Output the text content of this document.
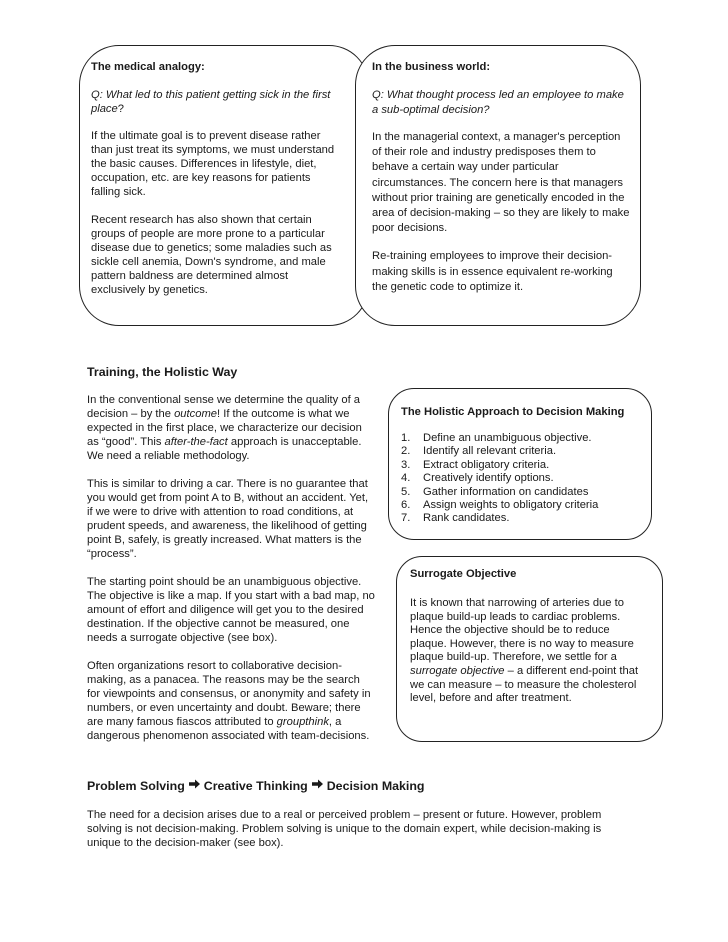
The medical analogy:

Q: What led to this patient getting sick in the first place?

If the ultimate goal is to prevent disease rather than just treat its symptoms, we must understand the basic causes. Differences in lifestyle, diet, occupation, etc. are key reasons for patients falling sick.

Recent research has also shown that certain groups of people are more prone to a particular disease due to genetics; some maladies such as sickle cell anemia, Down's syndrome, and male pattern baldness are determined almost exclusively by genetics.

In the business world:

Q: What thought process led an employee to make a sub-optimal decision?

In the managerial context, a manager's perception of their role and industry predisposes them to behave a certain way under particular circumstances. The concern here is that managers without prior training are genetically encoded in the area of decision-making – so they are likely to make poor decisions.

Re-training employees to improve their decision-making skills is in essence equivalent re-working the genetic code to optimize it.

Training, the Holistic Way

In the conventional sense we determine the quality of a decision – by the outcome! If the outcome is what we expected in the first place, we characterize our decision as “good”. This after-the-fact approach is unacceptable. We need a reliable methodology.

This is similar to driving a car. There is no guarantee that you would get from point A to B, without an accident. Yet, if we were to drive with attention to road conditions, at prudent speeds, and awareness, the likelihood of getting point B, safely, is greatly increased. What matters is the “process”.

The starting point should be an unambiguous objective. The objective is like a map. If you start with a bad map, no amount of effort and diligence will get you to the desired destination. If the objective cannot be measured, one needs a surrogate objective (see box).

Often organizations resort to collaborative decision-making, as a panacea. The reasons may be the search for viewpoints and consensus, or anonymity and safety in numbers, or even uncertainty and doubt. Beware; there are many famous fiascos attributed to groupthink, a dangerous phenomenon associated with team-decisions.

The Holistic Approach to Decision Making

1. Define an unambiguous objective.
2. Identify all relevant criteria.
3. Extract obligatory criteria.
4. Creatively identify options.
5. Gather information on candidates
6. Assign weights to obligatory criteria
7. Rank candidates.

Surrogate Objective

It is known that narrowing of arteries due to plaque build-up leads to cardiac problems. Hence the objective should be to reduce plaque. However, there is no way to measure plaque build-up. Therefore, we settle for a surrogate objective – a different end-point that we can measure – to measure the cholesterol level, before and after treatment.

Problem Solving Creative Thinking Decision Making

The need for a decision arises due to a real or perceived problem – present or future. However, problem solving is not decision-making. Problem solving is unique to the domain expert, while decision-making is unique to the decision-maker (see box).
